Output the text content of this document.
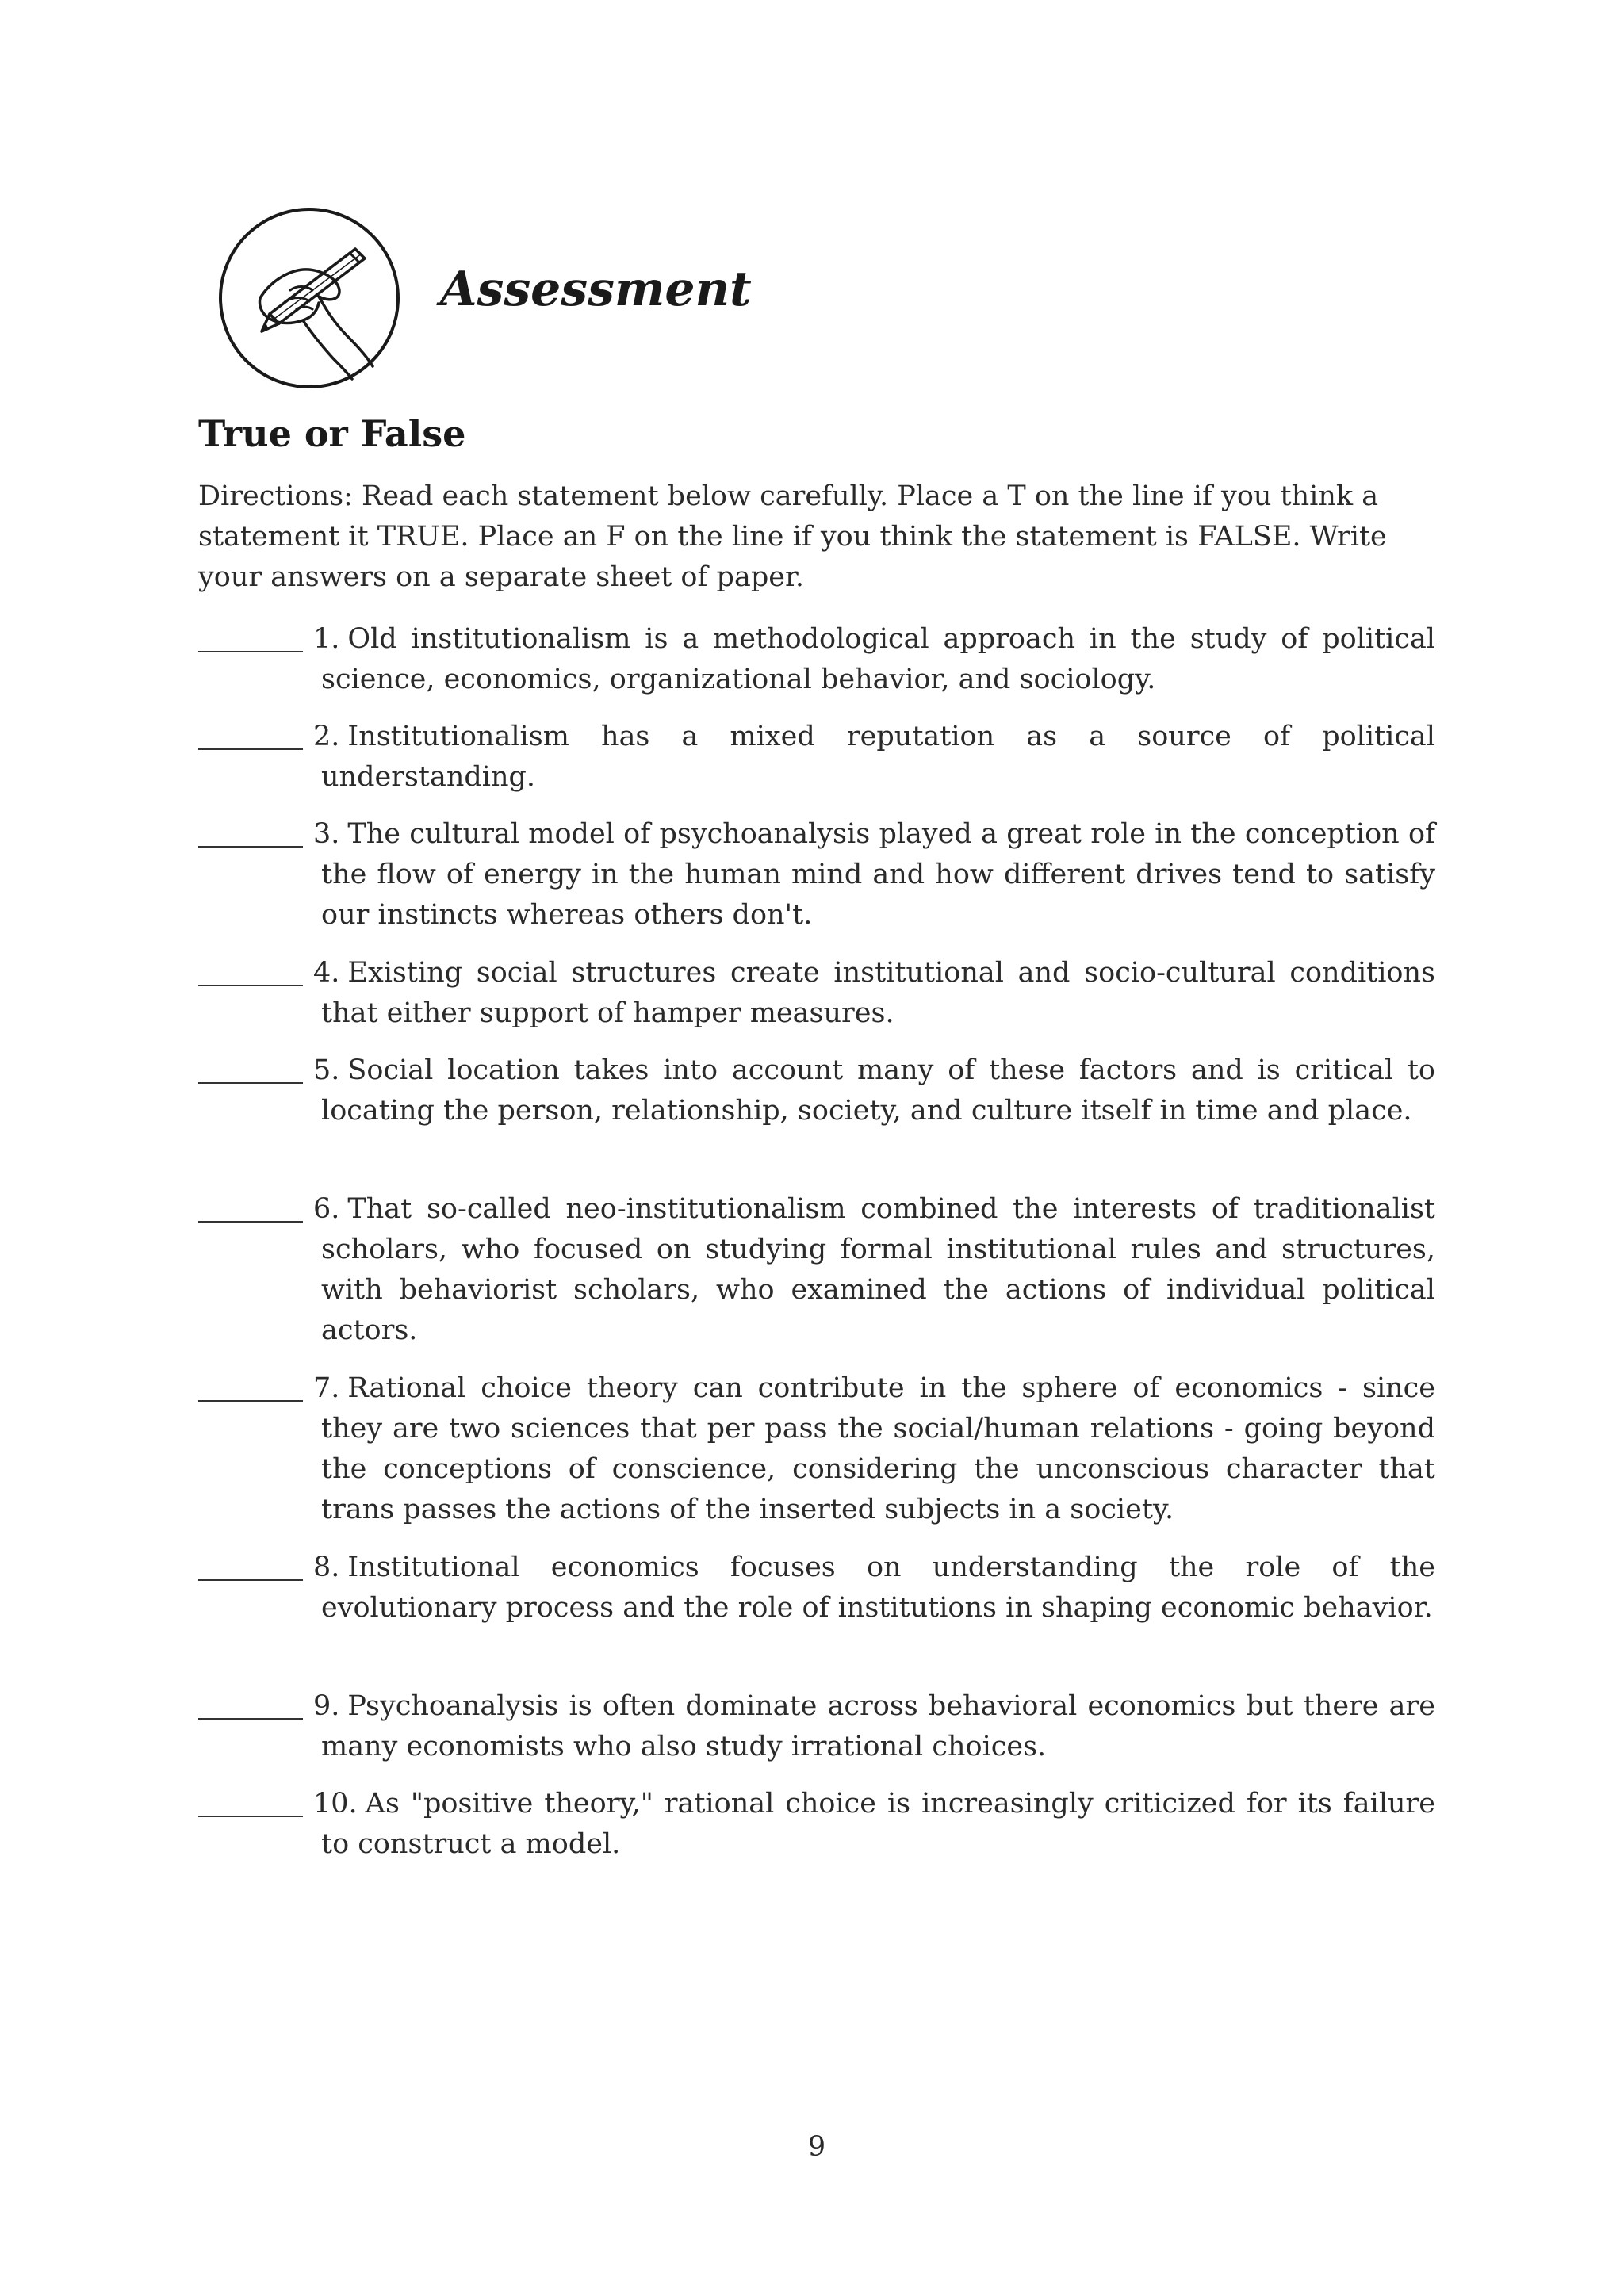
Assessment
True or False
Directions: Read each statement below carefully. Place a T on the line if you think a statement it TRUE. Place an F on the line if you think the statement is FALSE. Write your answers on a separate sheet of paper.
1. Old institutionalism is a methodological approach in the study of political science, economics, organizational behavior, and sociology.
2. Institutionalism has a mixed reputation as a source of political understanding.
3. The cultural model of psychoanalysis played a great role in the conception of the flow of energy in the human mind and how different drives tend to satisfy our instincts whereas others don't.
4. Existing social structures create institutional and socio-cultural conditions that either support of hamper measures.
5. Social location takes into account many of these factors and is critical to locating the person, relationship, society, and culture itself in time and place.
6. That so-called neo-institutionalism combined the interests of traditionalist scholars, who focused on studying formal institutional rules and structures, with behaviorist scholars, who examined the actions of individual political actors.
7. Rational choice theory can contribute in the sphere of economics - since they are two sciences that per pass the social/human relations - going beyond the conceptions of conscience, considering the unconscious character that trans passes the actions of the inserted subjects in a society.
8. Institutional economics focuses on understanding the role of the evolutionary process and the role of institutions in shaping economic behavior.
9. Psychoanalysis is often dominate across behavioral economics but there are many economists who also study irrational choices.
10. As "positive theory," rational choice is increasingly criticized for its failure to construct a model.
9
